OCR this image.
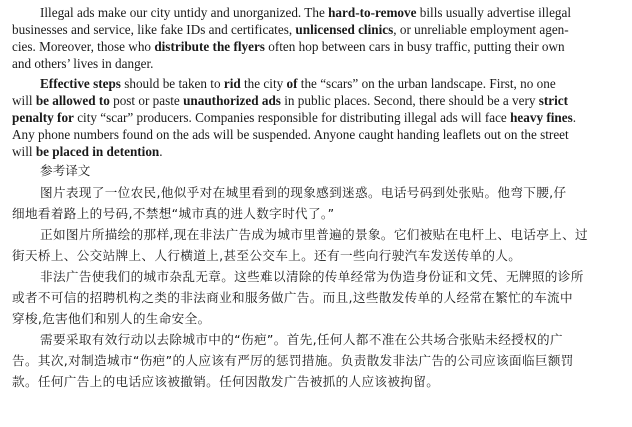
Illegal ads make our city untidy and unorganized. The hard-to-remove bills usually advertise illegal
businesses and service, like fake IDs and certificates, unlicensed clinics, or unreliable employment agen-
cies. Moreover, those who distribute the flyers often hop between cars in busy traffic, putting their own
and others’ lives in danger.
Effective steps should be taken to rid the city of the “scars” on the urban landscape. First, no one
will be allowed to post or paste unauthorized ads in public places. Second, there should be a very strict
penalty for city “scar” producers. Companies responsible for distributing illegal ads will face heavy fines.
Any phone numbers found on the ads will be suspended. Anyone caught handing leaflets out on the street
will be placed in detention.
参考译文
图片表现了一位农民,他似乎对在城里看到的现象感到迷惑。电话号码到处张贴。他弯下腰,仔
细地看着路上的号码,不禁想“城市真的进人数字时代了。”
正如图片所描绘的那样,现在非法广告成为城市里普遍的景象。它们被贴在电杆上、电话亭上、过
街天桥上、公交站牌上、人行横道上,甚至公交车上。还有一些向行驶汽车发送传单的人。
非法广告使我们的城市杂乱无章。这些难以清除的传单经常为伪造身份证和文凭、无牌照的诊所
或者不可信的招聘机构之类的非法商业和服务做广告。而且,这些散发传单的人经常在繁忙的车流中
穿梭,危害他们和别人的生命安全。
需要采取有效行动以去除城市中的“伤疤”。首先,任何人都不准在公共场合张贴未经授权的广
告。其次,对制造城市“伤疤”的人应该有严厉的惩罚措施。负责散发非法广告的公司应该面临巨额罚
款。任何广告上的电话应该被撤销。任何因散发广告被抓的人应该被拘留。
